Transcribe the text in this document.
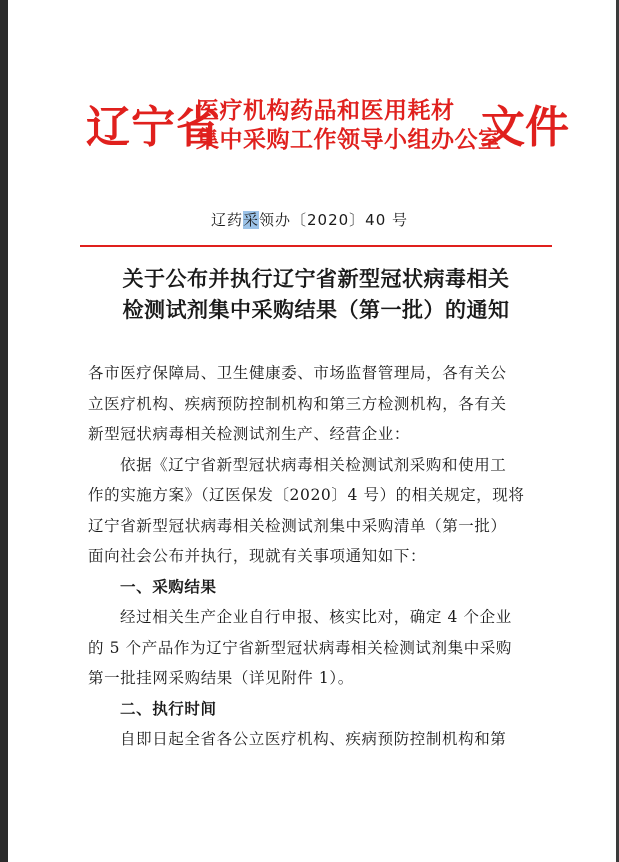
辽宁省
医疗机构药品和医用耗材
集中采购工作领导小组办公室
文件
辽药采领办〔2020〕40 号
关于公布并执行辽宁省新型冠状病毒相关
检测试剂集中采购结果（第一批）的通知
各市医疗保障局、卫生健康委、市场监督管理局，各有关公
立医疗机构、疾病预防控制机构和第三方检测机构，各有关
新型冠状病毒相关检测试剂生产、经营企业：
依据《辽宁省新型冠状病毒相关检测试剂采购和使用工
作的实施方案》（辽医保发〔2020〕4 号）的相关规定，现将
辽宁省新型冠状病毒相关检测试剂集中采购清单（第一批）
面向社会公布并执行，现就有关事项通知如下：
一、采购结果
经过相关生产企业自行申报、核实比对，确定 4 个企业
的 5 个产品作为辽宁省新型冠状病毒相关检测试剂集中采购
第一批挂网采购结果（详见附件 1）。
二、执行时间
自即日起全省各公立医疗机构、疾病预防控制机构和第
